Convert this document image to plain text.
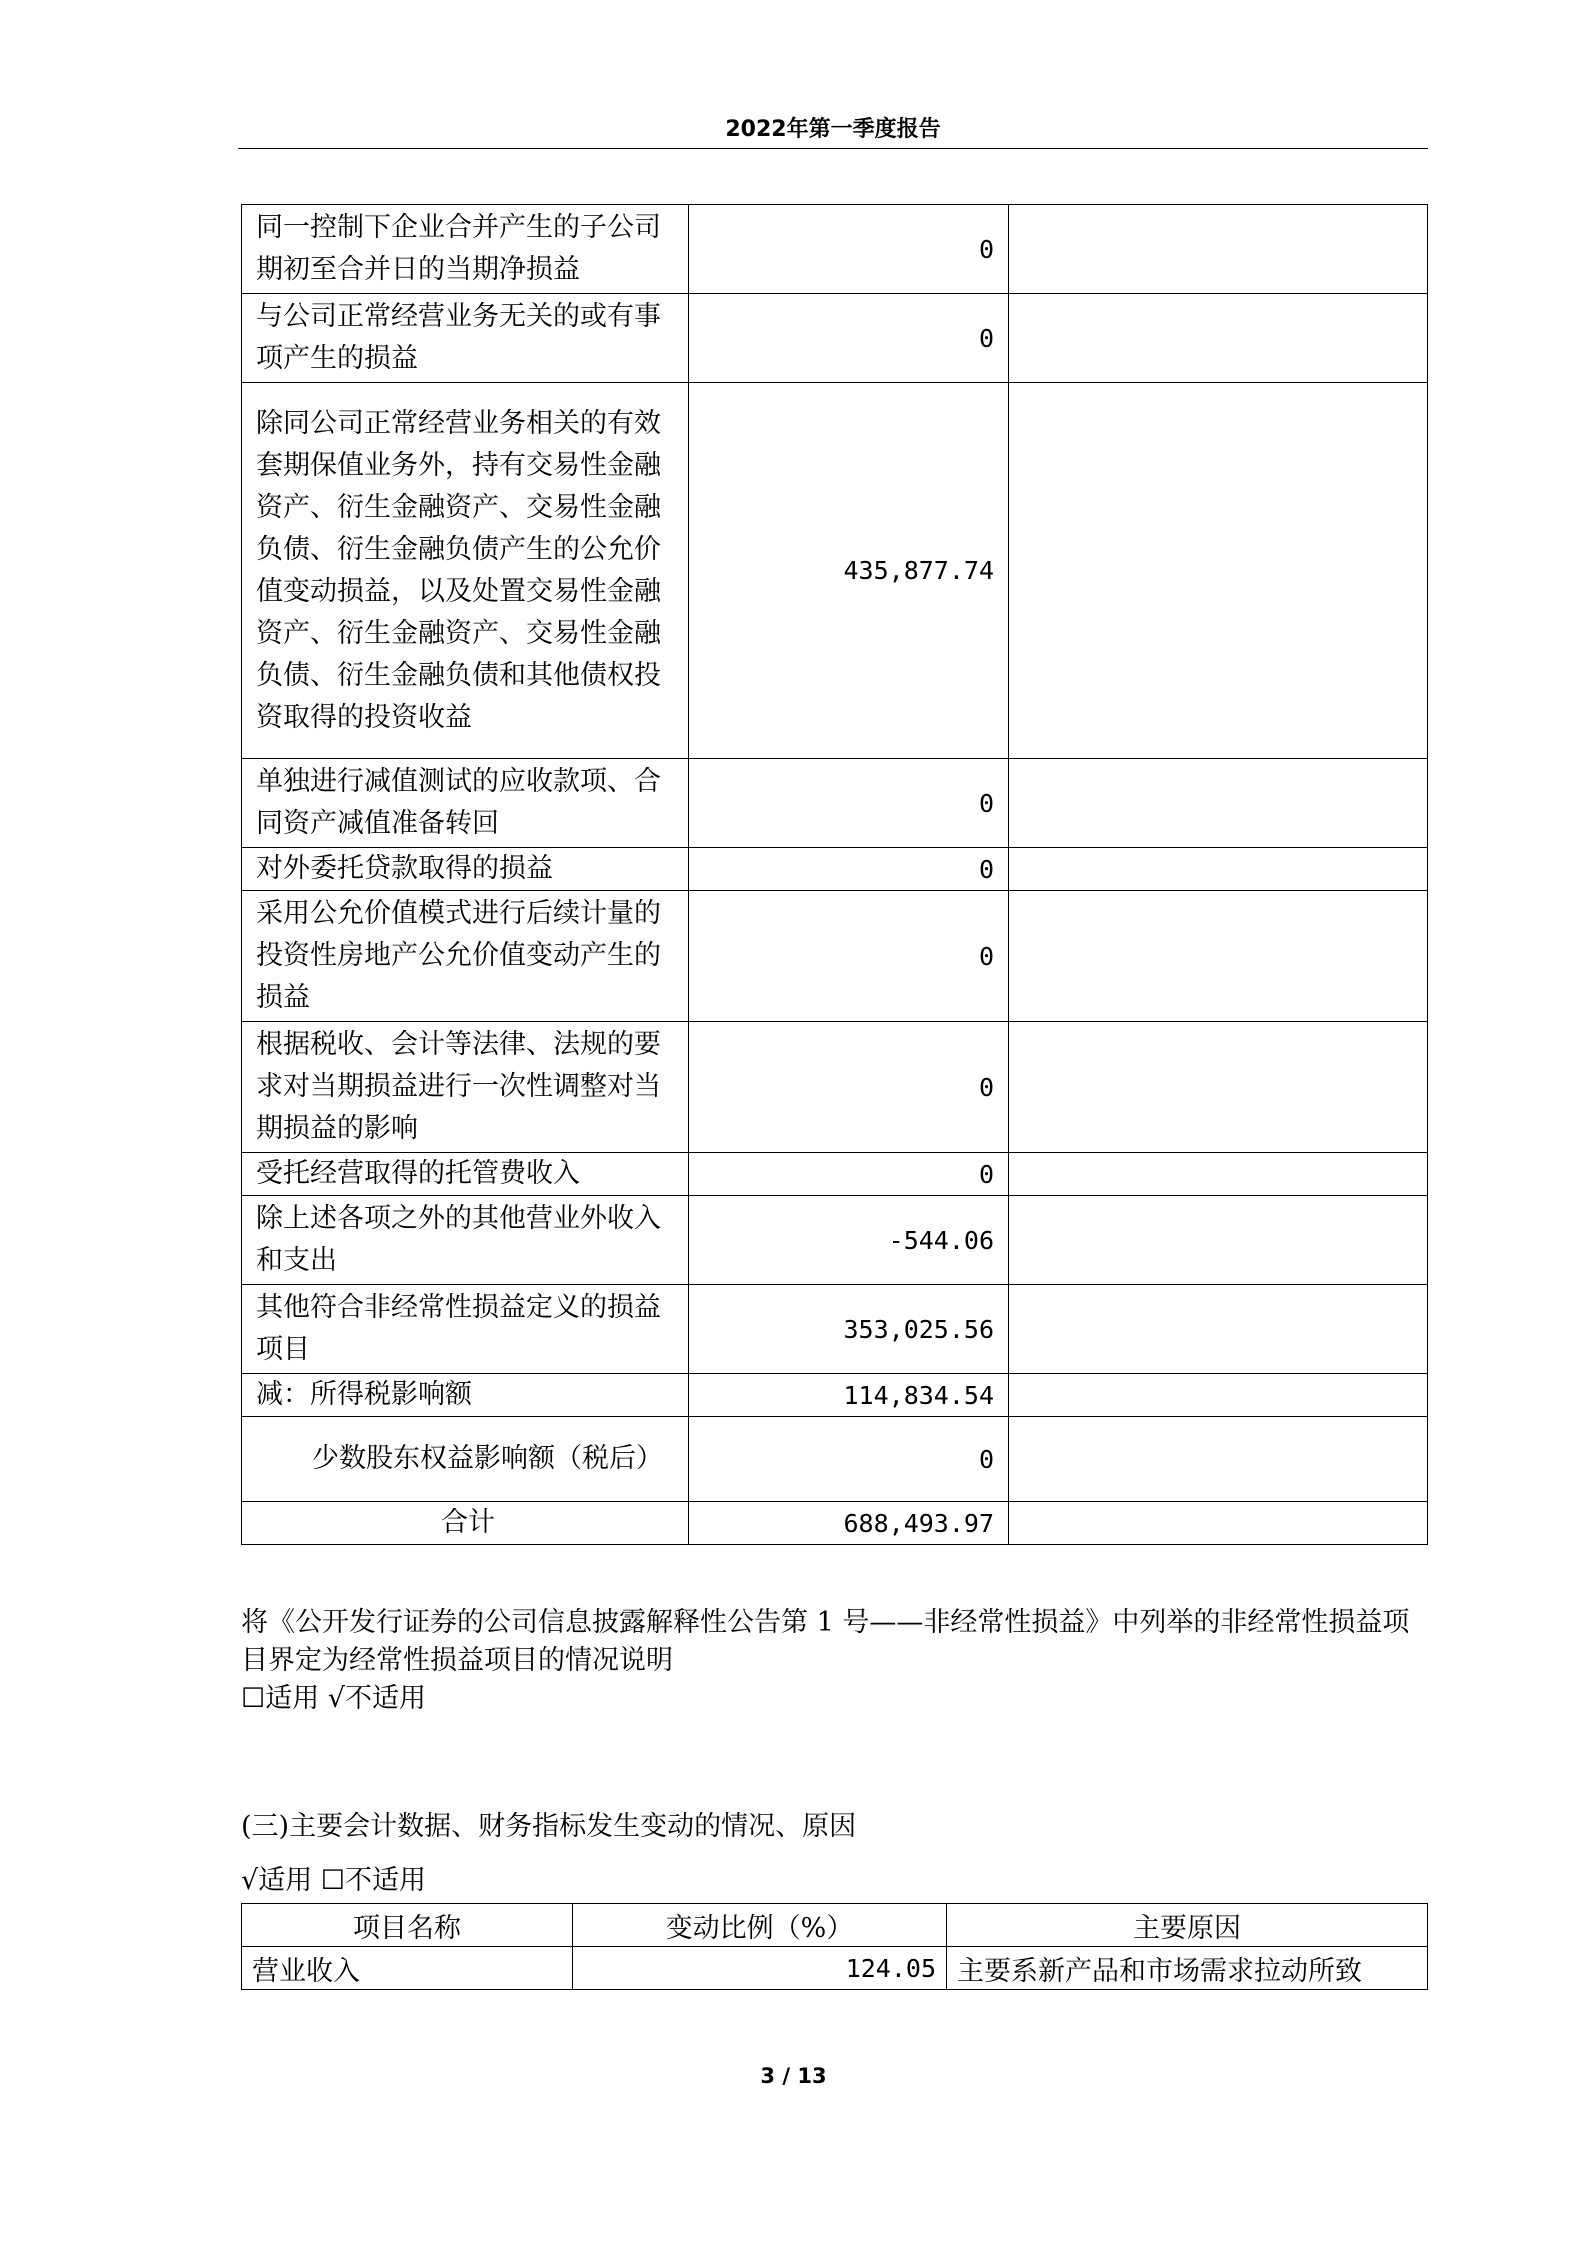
2022年第一季度报告
同一控制下企业合并产生的子公司期初至合并日的当期净损益	0	
与公司正常经营业务无关的或有事项产生的损益	0	
除同公司正常经营业务相关的有效套期保值业务外，持有交易性金融资产、衍生金融资产、交易性金融负债、衍生金融负债产生的公允价值变动损益，以及处置交易性金融资产、衍生金融资产、交易性金融负债、衍生金融负债和其他债权投资取得的投资收益	435,877.74	
单独进行减值测试的应收款项、合同资产减值准备转回	0	
对外委托贷款取得的损益	0	
采用公允价值模式进行后续计量的投资性房地产公允价值变动产生的损益	0	
根据税收、会计等法律、法规的要求对当期损益进行一次性调整对当期损益的影响	0	
受托经营取得的托管费收入	0	
除上述各项之外的其他营业外收入和支出	-544.06	
其他符合非经常性损益定义的损益项目	353,025.56	
减：所得税影响额	114,834.54	
少数股东权益影响额（税后）	0	
合计	688,493.97	
将《公开发行证券的公司信息披露解释性公告第 1 号——非经常性损益》中列举的非经常性损益项目界定为经常性损益项目的情况说明
☐适用 √不适用
(三)主要会计数据、财务指标发生变动的情况、原因
√适用 ☐不适用
项目名称	变动比例（%）	主要原因
营业收入	124.05	主要系新产品和市场需求拉动所致
3 / 13
